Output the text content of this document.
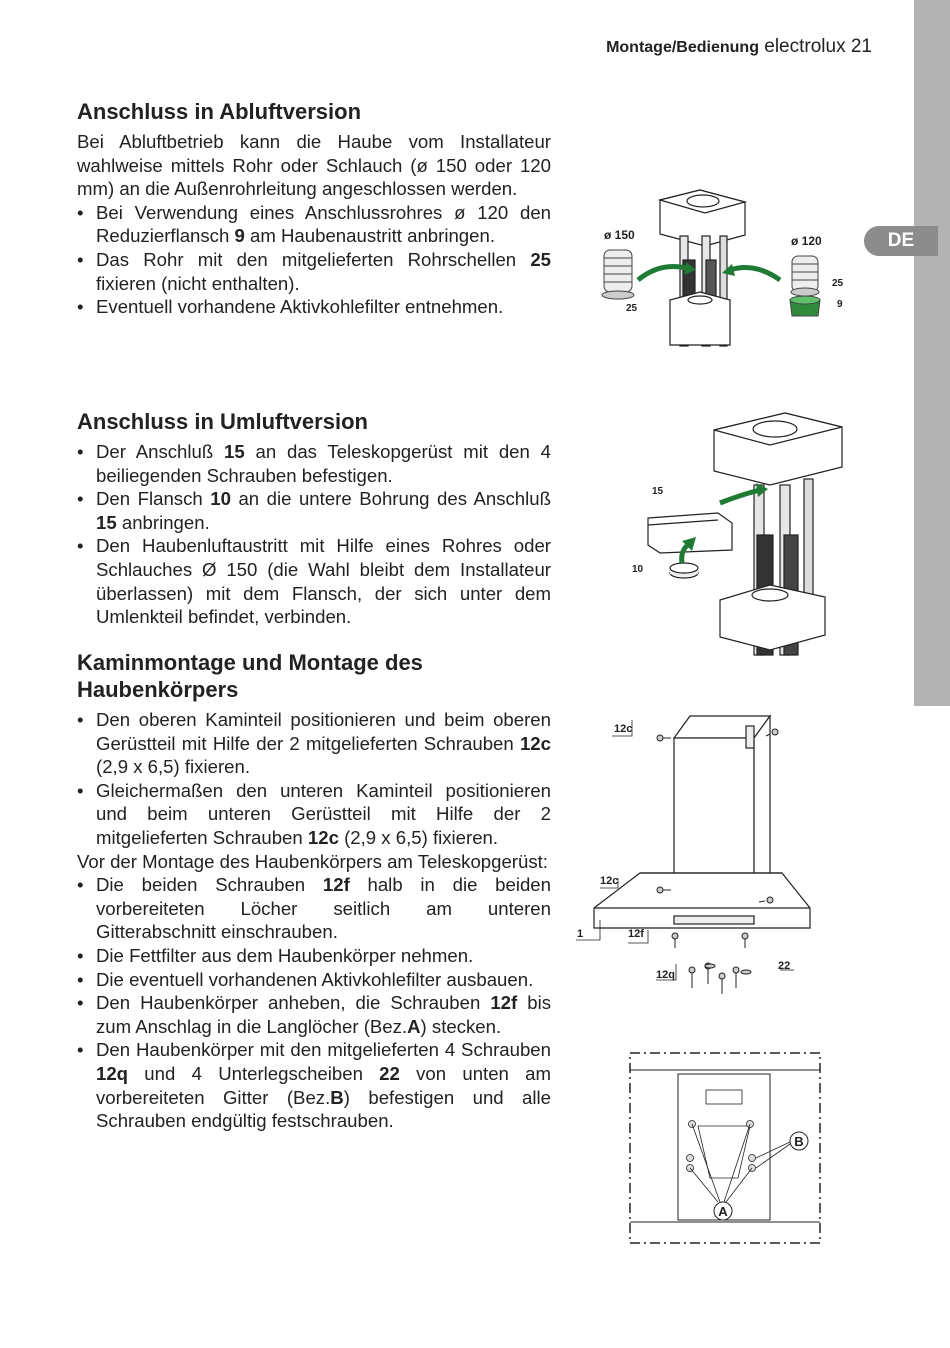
Montage/Bedienung electrolux 21
DE
Anschluss in Abluftversion

Bei Abluftbetrieb kann die Haube vom Installateur wahlweise mittels Rohr oder Schlauch (ø 150 oder 120 mm) an die Außenrohrleitung angeschlossen werden.

• Bei Verwendung eines Anschlussrohres ø 120 den Reduzierflansch 9 am Haubenaustritt anbringen.
• Das Rohr mit den mitgelieferten Rohrschellen 25 fixieren (nicht enthalten).
• Eventuell vorhandene Aktivkohlefilter entnehmen.
Anschluss in Umluftversion
• Der Anschluß 15 an das Teleskopgerüst mit den 4 beiliegenden Schrauben befestigen.
• Den Flansch 10 an die untere Bohrung des Anschluß 15 anbringen.
• Den Haubenluftaustritt mit Hilfe eines Rohres oder Schlauches Ø 150 (die Wahl bleibt dem Installateur überlassen) mit dem Flansch, der sich unter dem Umlenkteil befindet, verbinden.
Kaminmontage und Montage des Haubenkörpers
• Den oberen Kaminteil positionieren und beim oberen Gerüstteil mit Hilfe der 2 mitgelieferten Schrauben 12c (2,9 x 6,5) fixieren.
• Gleichermaßen den unteren Kaminteil positionieren und beim unteren Gerüstteil mit Hilfe der 2 mitgelieferten Schrauben 12c (2,9 x 6,5) fixieren.

Vor der Montage des Haubenkörpers am Teleskopgerüst:

• Die beiden Schrauben 12f halb in die beiden vorbereiteten Löcher seitlich am unteren Gitterabschnitt einschrauben.
• Die Fettfilter aus dem Haubenkörper nehmen.
• Die eventuell vorhandenen Aktivkohlefilter ausbauen.
• Den Haubenkörper anheben, die Schrauben 12f bis zum Anschlag in die Langlöcher (Bez.A) stecken.
• Den Haubenkörper mit den mitgelieferten 4 Schrauben 12q und 4 Unterlegscheiben 22 von unten am vorbereiteten Gitter (Bez.B) befestigen und alle Schrauben endgültig festschrauben.
ø 150	ø 120
25
25
9
15
10
12c
12c
1	12f
12q
22
B
A
